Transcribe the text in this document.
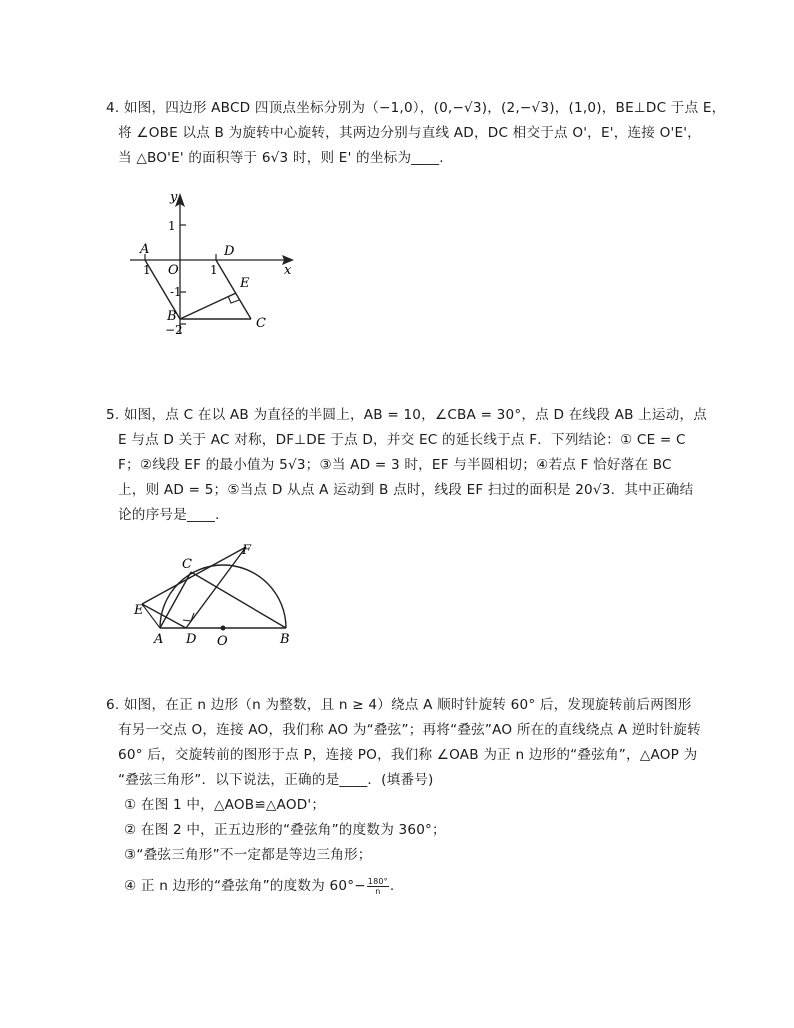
4. 如图，四边形 ABCD 四顶点坐标分别为（−1,0），(0,−√3)，(2,−√3)，(1,0)，BE⊥DC 于点 E，
将 ∠OBE 以点 B 为旋转中心旋转，其两边分别与直线 AD，DC 相交于点 O'，E'，连接 O'E'，
当 △BO'E' 的面积等于 6√3 时，则 E' 的坐标为____.
y
1
A	D
1 O	1	x
E
-1
B	C
−2
5. 如图，点 C 在以 AB 为直径的半圆上，AB = 10，∠CBA = 30°，点 D 在线段 AB 上运动，点
E 与点 D 关于 AC 对称，DF⊥DE 于点 D，并交 EC 的延长线于点 F．下列结论：① CE = C
F；②线段 EF 的最小值为 5√3；③当 AD = 3 时，EF 与半圆相切；④若点 F 恰好落在 BC
上，则 AD = 5；⑤当点 D 从点 A 运动到 B 点时，线段 EF 扫过的面积是 20√3．其中正确结
论的序号是____.
C
F
E
A D O	B
6. 如图，在正 n 边形（n 为整数，且 n ≥ 4）绕点 A 顺时针旋转 60° 后，发现旋转前后两图形
有另一交点 O，连接 AO，我们称 AO 为“叠弦”；再将“叠弦”AO 所在的直线绕点 A 逆时针旋转
60° 后，交旋转前的图形于点 P，连接 PO，我们称 ∠OAB 为正 n 边形的“叠弦角”，△AOP 为
“叠弦三角形”．以下说法，正确的是____．(填番号)
① 在图 1 中，△AOB≌△AOD'；
② 在图 2 中，正五边形的“叠弦角”的度数为 360°；
③“叠弦三角形”不一定都是等边三角形；
④ 正 n 边形的“叠弦角”的度数为 $60^\circ- \frac{180^\circ}{n}$ .
